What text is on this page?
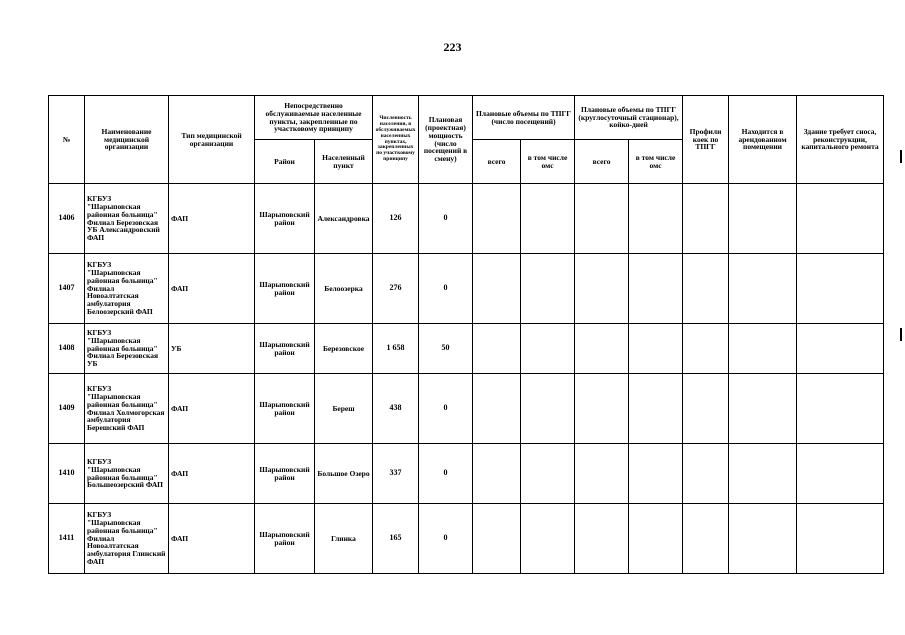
223
№	Наименование медицинской организации	Тип медицинской организации	Непосредственно обслуживаемые населенные пункты, закрепленные по участковому принципу		Численность населения, в обслуживаемых населенных пунктах, закрепленных по участковому принципу	Плановая (проектная) мощность (число посещений в смену)	Плановые объемы по ТПГГ (число посещений)		Плановые объемы по ТПГГ (круглосуточный стационар), койко-дней		Профили коек по ТПГГ	Находится в арендованном помещении	Здание требует сноса, реконструкции, капитального ремонта
			Район	Населенный пункт			всего	в том числе омс	всего	в том числе омс			
1406	КГБУЗ "Шарыповская районная больница" Филиал Березовская УБ Александровский ФАП	ФАП	Шарыповский район	Александровка	126	0							
1407	КГБУЗ "Шарыповская районная больница" Филиал Новоалтатская амбулатория Белоозерский ФАП	ФАП	Шарыповский район	Белоозерка	276	0							
1408	КГБУЗ "Шарыповская районная больница" Филиал Березовская УБ	УБ	Шарыповский район	Березовское	1 658	50							
1409	КГБУЗ "Шарыповская районная больница" Филиал Холмогорская амбулатория Берешский ФАП	ФАП	Шарыповский район	Береш	438	0							
1410	КГБУЗ "Шарыповская районная больница" Большеозерский ФАП	ФАП	Шарыповский район	Большое Озеро	337	0							
1411	КГБУЗ "Шарыповская районная больница" Филиал Новоалтатская амбулатория Глинский ФАП	ФАП	Шарыповский район	Глинка	165	0							
